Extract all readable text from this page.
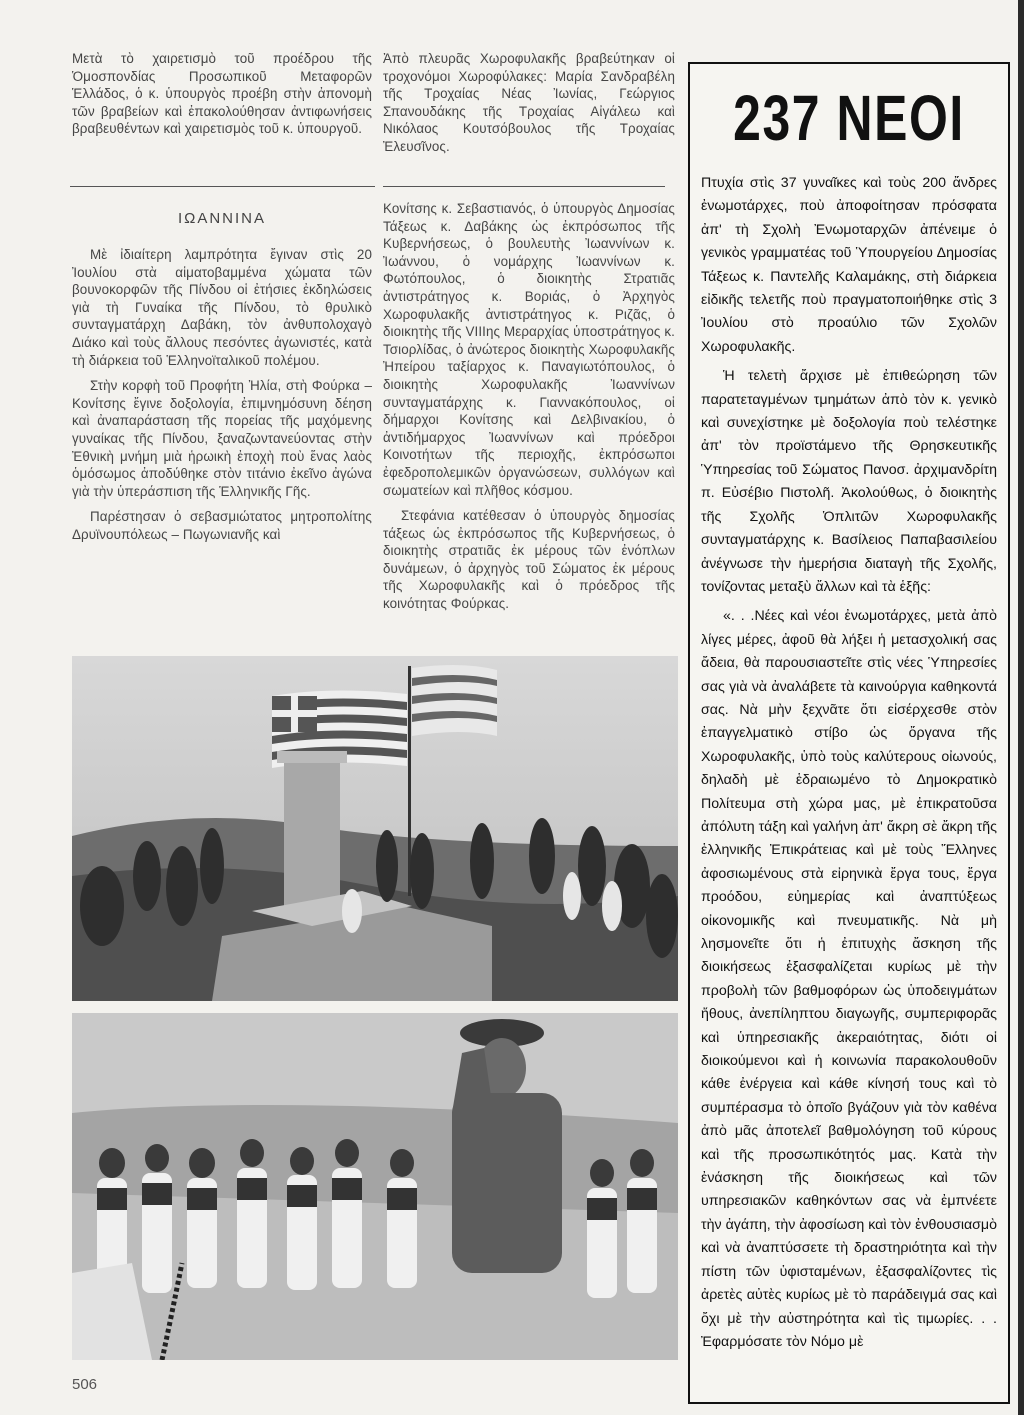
Μετὰ τὸ χαιρετισμὸ τοῦ προέδρου τῆς Ὁμοσπονδίας Προσωπικοῦ Μεταφορῶν Ἑλλάδος, ὁ κ. ὑπουργὸς προέβη στὴν ἀπονομὴ τῶν βραβείων καὶ ἐπακολούθησαν ἀντιφωνήσεις βραβευθέντων καὶ χαιρετισμὸς τοῦ κ. ὑπουργοῦ.

ΙΩΑΝΝΙΝΑ

Μὲ ἰδιαίτερη λαμπρότητα ἔγιναν στὶς 20 Ἰουλίου στὰ αἱματοβαμμένα χώματα τῶν βουνοκορφῶν τῆς Πίνδου οἱ ἐτήσιες ἐκδηλώσεις γιὰ τὴ Γυναίκα τῆς Πίνδου, τὸ θρυλικὸ συνταγματάρχη Δαβάκη, τὸν ἀνθυπολοχαγὸ Διάκο καὶ τοὺς ἄλλους πεσόντες ἀγωνιστές, κατὰ τὴ διάρκεια τοῦ Ἑλληνοϊταλικοῦ πολέμου.

Στὴν κορφὴ τοῦ Προφήτη Ἠλία, στὴ Φούρκα – Κονίτσης ἔγινε δοξολογία, ἐπιμνημόσυνη δέηση καὶ ἀναπαράσταση τῆς πορείας τῆς μαχόμενης γυναίκας τῆς Πίνδου, ξαναζωντανεύοντας στὴν Ἐθνικὴ μνήμη μιὰ ἡρωικὴ ἐποχὴ ποὺ ἕνας λαὸς ὁμόσωμος ἀποδύθηκε στὸν τιτάνιο ἐκεῖνο ἀγώνα γιὰ τὴν ὑπεράσπιση τῆς Ἑλληνικῆς Γῆς.

Παρέστησαν ὁ σεβασμιώτατος μητροπολίτης Δρυϊνουπόλεως – Πωγωνιανῆς καὶ

Ἀπὸ πλευρᾶς Χωροφυλακῆς βραβεύτηκαν οἱ τροχονόμοι Χωροφύλακες: Μαρία Σανδραβέλη τῆς Τροχαίας Νέας Ἰωνίας, Γεώργιος Σπανουδάκης τῆς Τροχαίας Αἰγάλεω καὶ Νικόλαος Κουτσόβουλος τῆς Τροχαίας Ἐλευσῖνος.

Κονίτσης κ. Σεβαστιανός, ὁ ὑπουργὸς Δημοσίας Τάξεως κ. Δαβάκης ὡς ἐκπρόσωπος τῆς Κυβερνήσεως, ὁ βουλευτὴς Ἰωαννίνων κ. Ἰωάννου, ὁ νομάρχης Ἰωαννίνων κ. Φωτόπουλος, ὁ διοικητὴς Στρατιᾶς ἀντιστράτηγος κ. Βοριάς, ὁ Ἀρχηγὸς Χωροφυλακῆς ἀντιστράτηγος κ. Ριζᾶς, ὁ διοικητὴς τῆς VIIIης Μεραρχίας ὑποστράτηγος κ. Τσιορλίδας, ὁ ἀνώτερος διοικητὴς Χωροφυλακῆς Ἠπείρου ταξίαρχος κ. Παναγιωτόπουλος, ὁ διοικητὴς Χωροφυλακῆς Ἰωαννίνων συνταγματάρχης κ. Γιαννακόπουλος, οἱ δήμαρχοι Κονίτσης καὶ Δελβινακίου, ὁ ἀντιδήμαρχος Ἰωαννίνων καὶ πρόεδροι Κοινοτήτων τῆς περιοχῆς, ἐκπρόσωποι ἐφεδροπολεμικῶν ὀργανώσεων, συλλόγων καὶ σωματείων καὶ πλῆθος κόσμου.

Στεφάνια κατέθεσαν ὁ ὑπουργὸς δημοσίας τάξεως ὡς ἐκπρόσωπος τῆς Κυβερνήσεως, ὁ διοικητὴς στρατιᾶς ἐκ μέρους τῶν ἐνόπλων δυνάμεων, ὁ ἀρχηγὸς τοῦ Σώματος ἐκ μέρους τῆς Χωροφυλακῆς καὶ ὁ πρόεδρος τῆς κοινότητας Φούρκας.

237 ΝΕΟΙ

Πτυχία στὶς 37 γυναῖκες καὶ τοὺς 200 ἄνδρες ἐνωμοτάρχες, ποὺ ἀποφοίτησαν πρόσφατα ἀπ' τὴ Σχολὴ Ἐνωμοταρχῶν ἀπένειμε ὁ γενικὸς γραμματέας τοῦ Ὑπουργείου Δημοσίας Τάξεως κ. Παντελῆς Καλαμάκης, στὴ διάρκεια εἰδικῆς τελετῆς ποὺ πραγματοποιήθηκε στὶς 3 Ἰουλίου στὸ προαύλιο τῶν Σχολῶν Χωροφυλακῆς.

Ἡ τελετὴ ἄρχισε μὲ ἐπιθεώρηση τῶν παρατεταγμένων τμημάτων ἀπὸ τὸν κ. γενικὸ καὶ συνεχίστηκε μὲ δοξολογία ποὺ τελέστηκε ἀπ' τὸν προϊστάμενο τῆς Θρησκευτικῆς Ὑπηρεσίας τοῦ Σώματος Πανοσ. ἀρχιμανδρίτη π. Εὐσέβιο Πιστολῆ. Ἀκολούθως, ὁ διοικητὴς τῆς Σχολῆς Ὁπλιτῶν Χωροφυλακῆς συνταγματάρχης κ. Βασίλειος Παπαβασιλείου ἀνέγνωσε τὴν ἡμερήσια διαταγὴ τῆς Σχολῆς, τονίζοντας μεταξὺ ἄλλων καὶ τὰ ἑξῆς:

«. . .Νέες καὶ νέοι ἐνωμοτάρχες, μετὰ ἀπὸ λίγες μέρες, ἀφοῦ θὰ λήξει ἡ μετασχολική σας ἄδεια, θὰ παρουσιαστεῖτε στὶς νέες Ὑπηρεσίες σας γιὰ νὰ ἀναλάβετε τὰ καινούργια καθηκοντά σας. Νὰ μὴν ξεχνᾶτε ὅτι εἰσέρχεσθε στὸν ἐπαγγελματικὸ στίβο ὡς ὄργανα τῆς Χωροφυλακῆς, ὑπὸ τοὺς καλύτερους οἰωνούς, δηλαδὴ μὲ ἑδραιωμένο τὸ Δημοκρατικὸ Πολίτευμα στὴ χώρα μας, μὲ ἐπικρατοῦσα ἀπόλυτη τάξη καὶ γαλήνη ἀπ' ἄκρη σὲ ἄκρη τῆς ἑλληνικῆς Ἐπικράτειας καὶ μὲ τοὺς Ἕλληνες ἀφοσιωμένους στὰ εἰρηνικὰ ἔργα τους, ἔργα προόδου, εὐημερίας καὶ ἀναπτύξεως οἰκονομικῆς καὶ πνευματικῆς. Νὰ μὴ λησμονεῖτε ὅτι ἡ ἐπιτυχὴς ἄσκηση τῆς διοικήσεως ἐξασφαλίζεται κυρίως μὲ τὴν προβολὴ τῶν βαθμοφόρων ὡς ὑποδειγμάτων ἤθους, ἀνεπίληπτου διαγωγῆς, συμπεριφορᾶς καὶ ὑπηρεσιακῆς ἀκεραιότητας, διότι οἱ διοικούμενοι καὶ ἡ κοινωνία παρακολουθοῦν κάθε ἐνέργεια καὶ κάθε κίνησή τους καὶ τὸ συμπέρασμα τὸ ὁποῖο βγάζουν γιὰ τὸν καθένα ἀπὸ μᾶς ἀποτελεῖ βαθμολόγηση τοῦ κύρους καὶ τῆς προσωπικότητός μας. Κατὰ τὴν ἐνάσκηση τῆς διοικήσεως καὶ τῶν υπηρεσιακῶν καθηκόντων σας νὰ ἐμπνέετε τὴν ἀγάπη, τὴν ἀφοσίωση καὶ τὸν ἐνθουσιασμὸ καὶ νὰ ἀναπτύσσετε τὴ δραστηριότητα καὶ τὴν πίστη τῶν ὑφισταμένων, ἐξασφαλίζοντες τὶς ἀρετὲς αὐτὲς κυρίως μὲ τὸ παράδειγμά σας καὶ ὄχι μὲ τὴν αὐστηρότητα καὶ τὶς τιμωρίες. . . Ἐφαρμόσατε τὸν Νόμο μὲ

506
